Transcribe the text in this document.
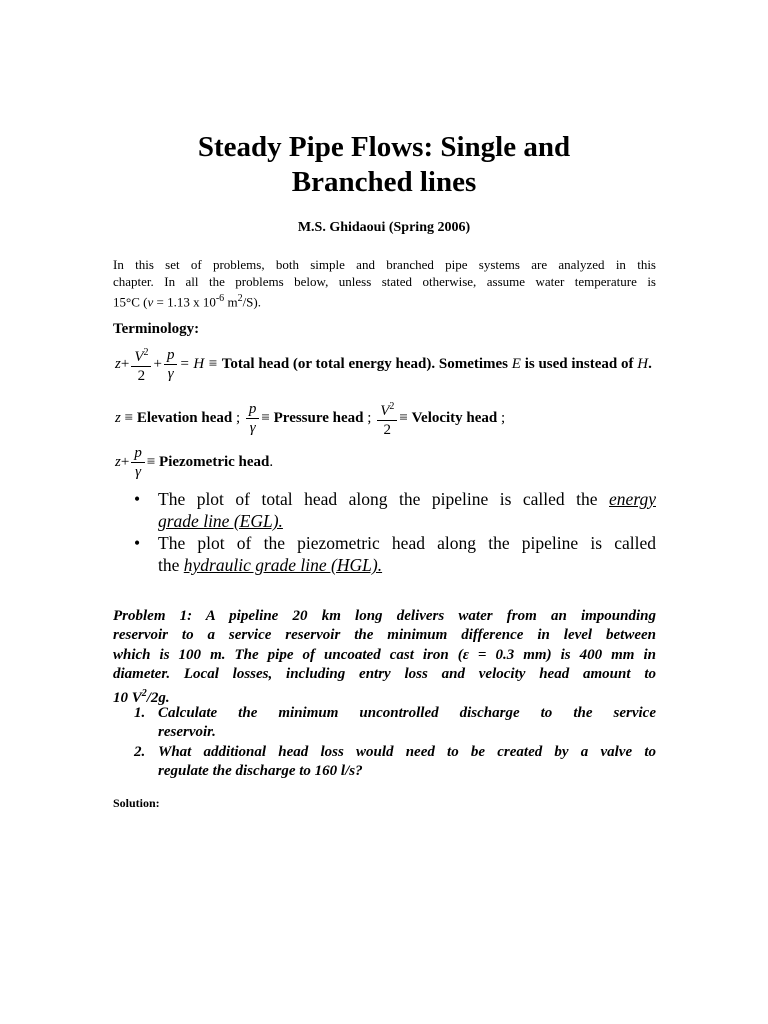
Steady Pipe Flows: Single and
Branched lines
M.S. Ghidaoui (Spring 2006)
In this set of problems, both simple and branched pipe systems are analyzed in this
chapter. In all the problems below, unless stated otherwise, assume water temperature is
15°C (v = 1.13 x $10^{-6}$ $m^2/S$).
Terminology:
$z+ \frac{V^2}{2} + \frac{p}{\gamma} = H$ ≡ Total head (or total energy head). Sometimes E is used instead of H.
z ≡ Elevation head ; $\frac{p}{\gamma}$ ≡ Pressure head ; $\frac{V^2}{2}$ ≡ Velocity head ;
$z+ \frac{p}{\gamma}$ ≡ Piezometric head.
• The plot of total head along the pipeline is called the energy
grade line (EGL).
• The plot of the piezometric head along the pipeline is called
the hydraulic grade line (HGL).
Problem 1: A pipeline 20 km long delivers water from an impounding
reservoir to a service reservoir the minimum difference in level between
which is 100 m. The pipe of uncoated cast iron (ε = 0.3 mm) is 400 mm in
diameter. Local losses, including entry loss and velocity head amount to
10 $V^2/2g$.
1. Calculate the minimum uncontrolled discharge to the service
reservoir.
2. What additional head loss would need to be created by a valve to
regulate the discharge to 160 l/s?
Solution:
